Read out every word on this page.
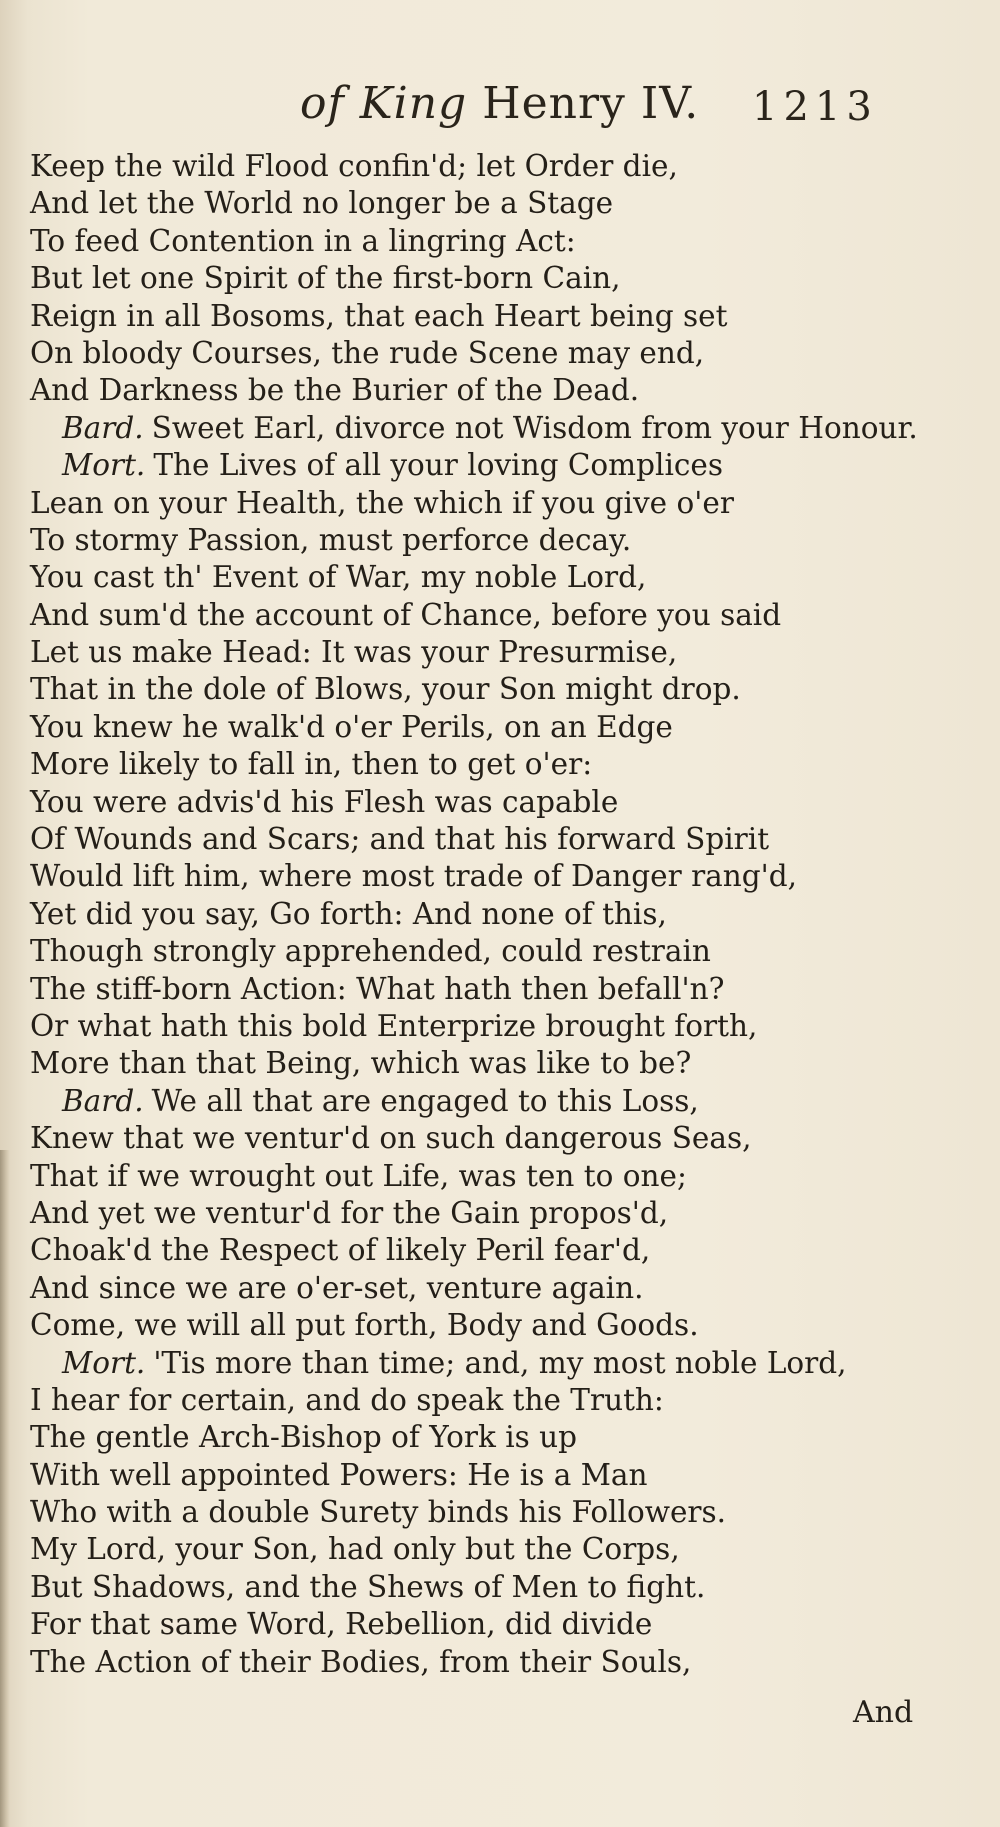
of King Henry IV. 1213
Keep the wild Flood confin'd; let Order die,
And let the World no longer be a Stage
To feed Contention in a lingring Act:
But let one Spirit of the first-born Cain,
Reign in all Bosoms, that each Heart being set
On bloody Courses, the rude Scene may end,
And Darkness be the Burier of the Dead.
Bard. Sweet Earl, divorce not Wisdom from your Honour.
Mort. The Lives of all your loving Complices
Lean on your Health, the which if you give o'er
To stormy Passion, must perforce decay.
You cast th' Event of War, my noble Lord,
And sum'd the account of Chance, before you said
Let us make Head: It was your Presurmise,
That in the dole of Blows, your Son might drop.
You knew he walk'd o'er Perils, on an Edge
More likely to fall in, then to get o'er:
You were advis'd his Flesh was capable
Of Wounds and Scars; and that his forward Spirit
Would lift him, where most trade of Danger rang'd,
Yet did you say, Go forth: And none of this,
Though strongly apprehended, could restrain
The stiff-born Action: What hath then befall'n?
Or what hath this bold Enterprize brought forth,
More than that Being, which was like to be?
Bard. We all that are engaged to this Loss,
Knew that we ventur'd on such dangerous Seas,
That if we wrought out Life, was ten to one;
And yet we ventur'd for the Gain propos'd,
Choak'd the Respect of likely Peril fear'd,
And since we are o'er-set, venture again.
Come, we will all put forth, Body and Goods.
Mort. 'Tis more than time; and, my most noble Lord,
I hear for certain, and do speak the Truth:
The gentle Arch-Bishop of York is up
With well appointed Powers: He is a Man
Who with a double Surety binds his Followers.
My Lord, your Son, had only but the Corps,
But Shadows, and the Shews of Men to fight.
For that same Word, Rebellion, did divide
The Action of their Bodies, from their Souls,
And
